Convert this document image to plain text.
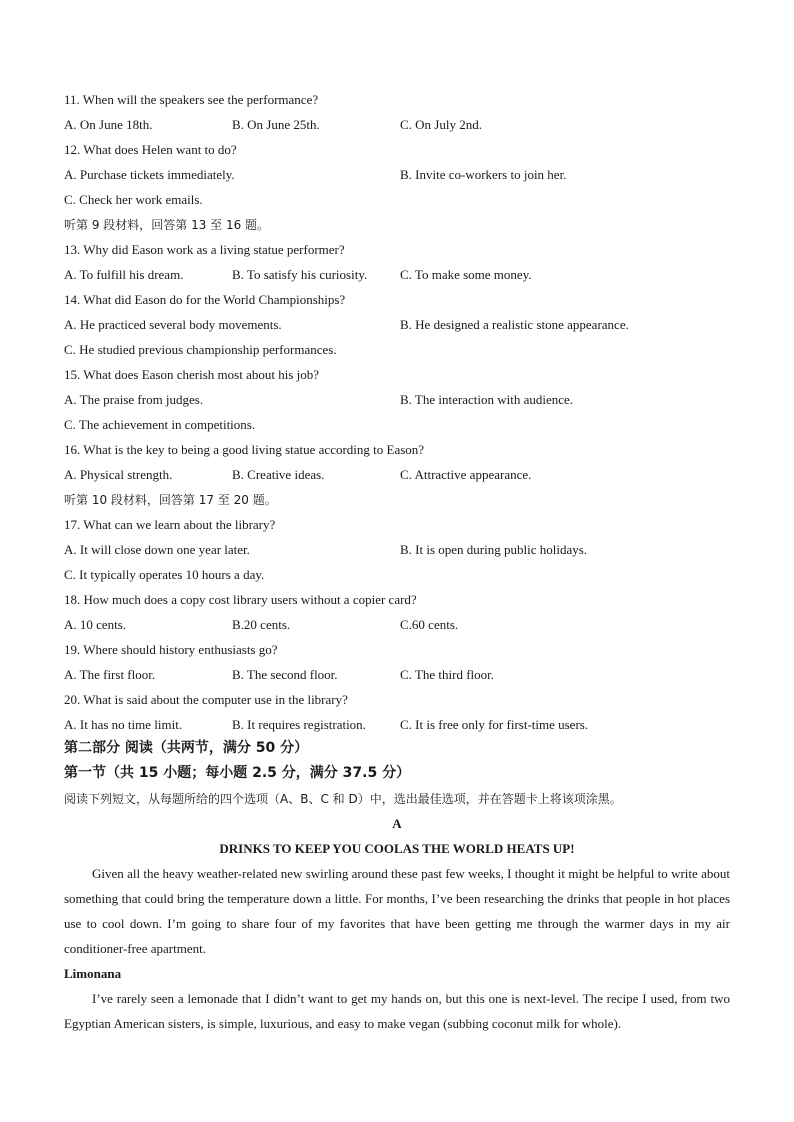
11. When will the speakers see the performance?
A. On June 18th.	B. On June 25th.	C. On July 2nd.
12. What does Helen want to do?
A. Purchase tickets immediately.	B. Invite co-workers to join her.
C. Check her work emails.
听第 9 段材料，回答第 13 至 16 题。
13. Why did Eason work as a living statue performer?
A. To fulfill his dream.	B. To satisfy his curiosity.	C. To make some money.
14. What did Eason do for the World Championships?
A. He practiced several body movements.	B. He designed a realistic stone appearance.
C. He studied previous championship performances.
15. What does Eason cherish most about his job?
A. The praise from judges.	B. The interaction with audience.
C. The achievement in competitions.
16. What is the key to being a good living statue according to Eason?
A. Physical strength.	B. Creative ideas.	C. Attractive appearance.
听第 10 段材料，回答第 17 至 20 题。
17. What can we learn about the library?
A. It will close down one year later.	B. It is open during public holidays.
C. It typically operates 10 hours a day.
18. How much does a copy cost library users without a copier card?
A. 10 cents.	B.20 cents.	C.60 cents.
19. Where should history enthusiasts go?
A. The first floor.	B. The second floor.	C. The third floor.
20. What is said about the computer use in the library?
A. It has no time limit.	B. It requires registration.	C. It is free only for first-time users.
第二部分 阅读（共两节，满分 50 分）
第一节（共 15 小题；每小题 2.5 分，满分 37.5 分）
阅读下列短文，从每题所给的四个选项（A、B、C 和 D）中，选出最佳选项，并在答题卡上将该项涂黑。
A
DRINKS TO KEEP YOU COOLAS THE WORLD HEATS UP!
Given all the heavy weather-related new swirling around these past few weeks, I thought it might be helpful to write about something that could bring the temperature down a little. For months, I’ve been researching the drinks that people in hot places use to cool down. I’m going to share four of my favorites that have been getting me through the warmer days in my air conditioner-free apartment.
Limonana
I’ve rarely seen a lemonade that I didn’t want to get my hands on, but this one is next-level. The recipe I used, from two Egyptian American sisters, is simple, luxurious, and easy to make vegan (subbing coconut milk for whole).
